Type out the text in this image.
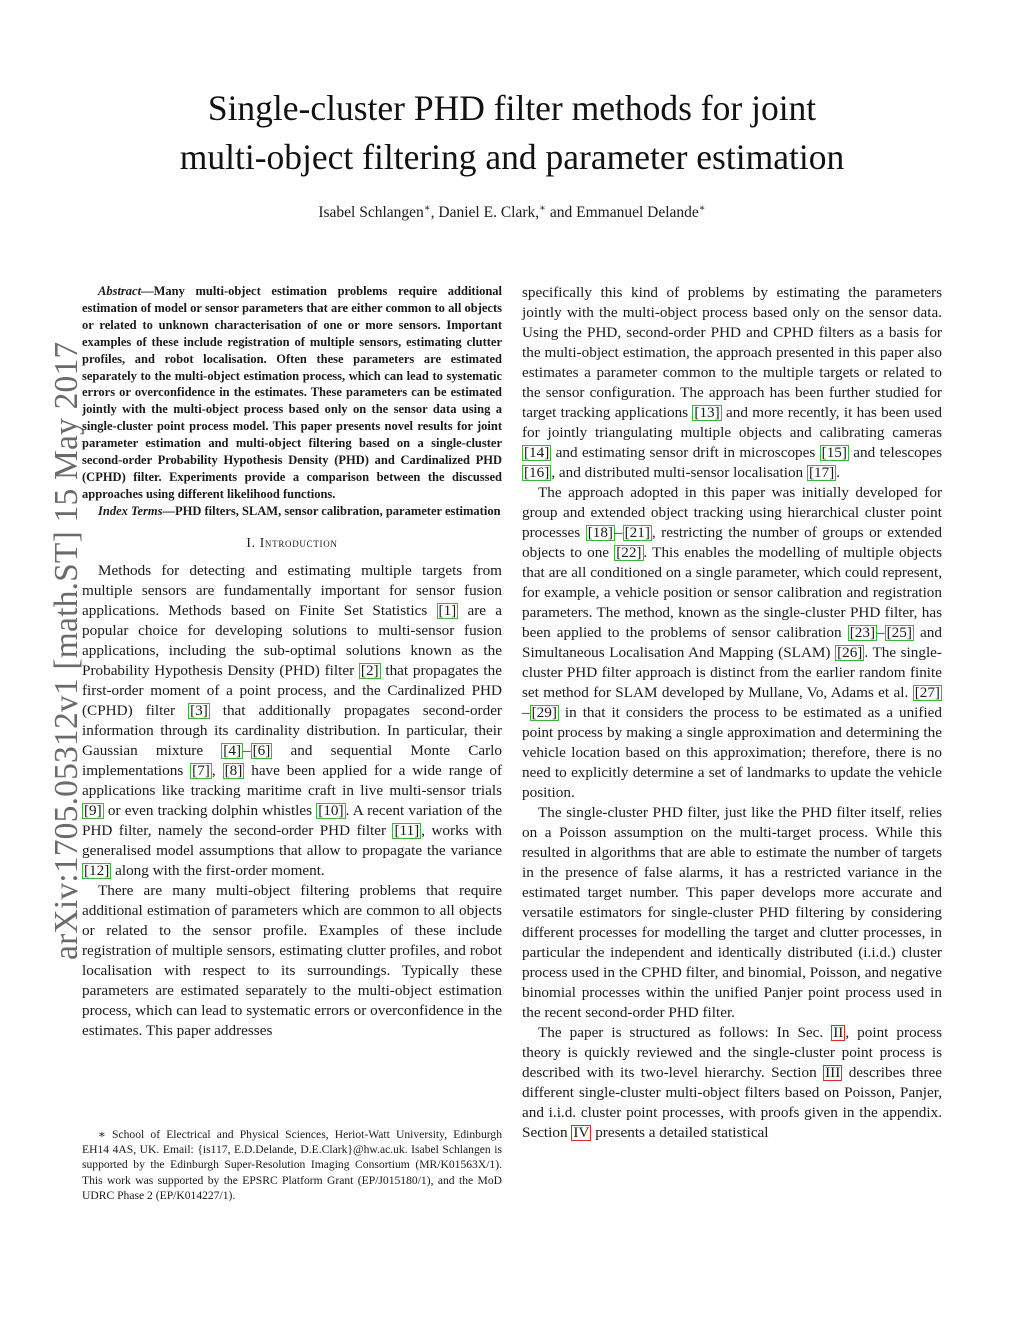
arXiv:1705.05312v1 [math.ST] 15 May 2017
Single-cluster PHD filter methods for joint
multi-object filtering and parameter estimation
Isabel Schlangen∗, Daniel E. Clark,∗ and Emmanuel Delande∗

Abstract—Many multi-object estimation problems require additional estimation of model or sensor parameters that are either common to all objects or related to unknown characterisation of one or more sensors. Important examples of these include registration of multiple sensors, estimating clutter profiles, and robot localisation. Often these parameters are estimated separately to the multi-object estimation process, which can lead to systematic errors or overconfidence in the estimates. These parameters can be estimated jointly with the multi-object process based only on the sensor data using a single-cluster point process model. This paper presents novel results for joint parameter estimation and multi-object filtering based on a single-cluster second-order Probability Hypothesis Density (PHD) and Cardinalized PHD (CPHD) filter. Experiments provide a comparison between the discussed approaches using different likelihood functions.

Index Terms—PHD filters, SLAM, sensor calibration, parameter estimation

I. Introduction

Methods for detecting and estimating multiple targets from multiple sensors are fundamentally important for sensor fusion applications. Methods based on Finite Set Statistics [1] are a popular choice for developing solutions to multi-sensor fusion applications, including the sub-optimal solutions known as the Probability Hypothesis Density (PHD) filter [2] that propagates the first-order moment of a point process, and the Cardinalized PHD (CPHD) filter [3] that additionally propagates second-order information through its cardinality distribution. In particular, their Gaussian mixture [4] – [6] and sequential Monte Carlo implementations [7] , [8] have been applied for a wide range of applications like tracking maritime craft in live multi-sensor trials [9] or even tracking dolphin whistles [10] . A recent variation of the PHD filter, namely the second-order PHD filter [11] , works with generalised model assumptions that allow to propagate the variance [12] along with the first-order moment.

There are many multi-object filtering problems that require additional estimation of parameters which are common to all objects or related to the sensor profile. Examples of these include registration of multiple sensors, estimating clutter profiles, and robot localisation with respect to its surroundings. Typically these parameters are estimated separately to the multi-object estimation process, which can lead to systematic errors or overconfidence in the estimates. This paper addresses

∗ School of Electrical and Physical Sciences, Heriot-Watt University, Edinburgh EH14 4AS, UK. Email: {is117, E.D.Delande, D.E.Clark}@hw.ac.uk. Isabel Schlangen is supported by the Edinburgh Super-Resolution Imaging Consortium (MR/K01563X/1). This work was supported by the EPSRC Platform Grant (EP/J015180/1), and the MoD UDRC Phase 2 (EP/K014227/1).

specifically this kind of problems by estimating the parameters jointly with the multi-object process based only on the sensor data. Using the PHD, second-order PHD and CPHD filters as a basis for the multi-object estimation, the approach presented in this paper also estimates a parameter common to the multiple targets or related to the sensor configuration. The approach has been further studied for target tracking applications [13] and more recently, it has been used for jointly triangulating multiple objects and calibrating cameras [14] and estimating sensor drift in microscopes [15] and telescopes [16] , and distributed multi-sensor localisation [17] .

The approach adopted in this paper was initially developed for group and extended object tracking using hierarchical cluster point processes [18] – [21] , restricting the number of groups or extended objects to one [22] . This enables the modelling of multiple objects that are all conditioned on a single parameter, which could represent, for example, a vehicle position or sensor calibration and registration parameters. The method, known as the single-cluster PHD filter, has been applied to the problems of sensor calibration [23] – [25] and Simultaneous Localisation And Mapping (SLAM) [26] . The single-cluster PHD filter approach is distinct from the earlier random finite set method for SLAM developed by Mullane, Vo, Adams et al. [27]– [29] in that it considers the process to be estimated as a unified point process by making a single approximation and determining the vehicle location based on this approximation; therefore, there is no need to explicitly determine a set of landmarks to update the vehicle position.

The single-cluster PHD filter, just like the PHD filter itself, relies on a Poisson assumption on the multi-target process. While this resulted in algorithms that are able to estimate the number of targets in the presence of false alarms, it has a restricted variance in the estimated target number. This paper develops more accurate and versatile estimators for single-cluster PHD filtering by considering different processes for modelling the target and clutter processes, in particular the independent and identically distributed (i.i.d.) cluster process used in the CPHD filter, and binomial, Poisson, and negative binomial processes within the unified Panjer point process used in the recent second-order PHD filter.

The paper is structured as follows: In Sec. II , point process theory is quickly reviewed and the single-cluster point process is described with its two-level hierarchy. Section III describes three different single-cluster multi-object filters based on Poisson, Panjer, and i.i.d. cluster point processes, with proofs given in the appendix. Section IV presents a detailed statistical
